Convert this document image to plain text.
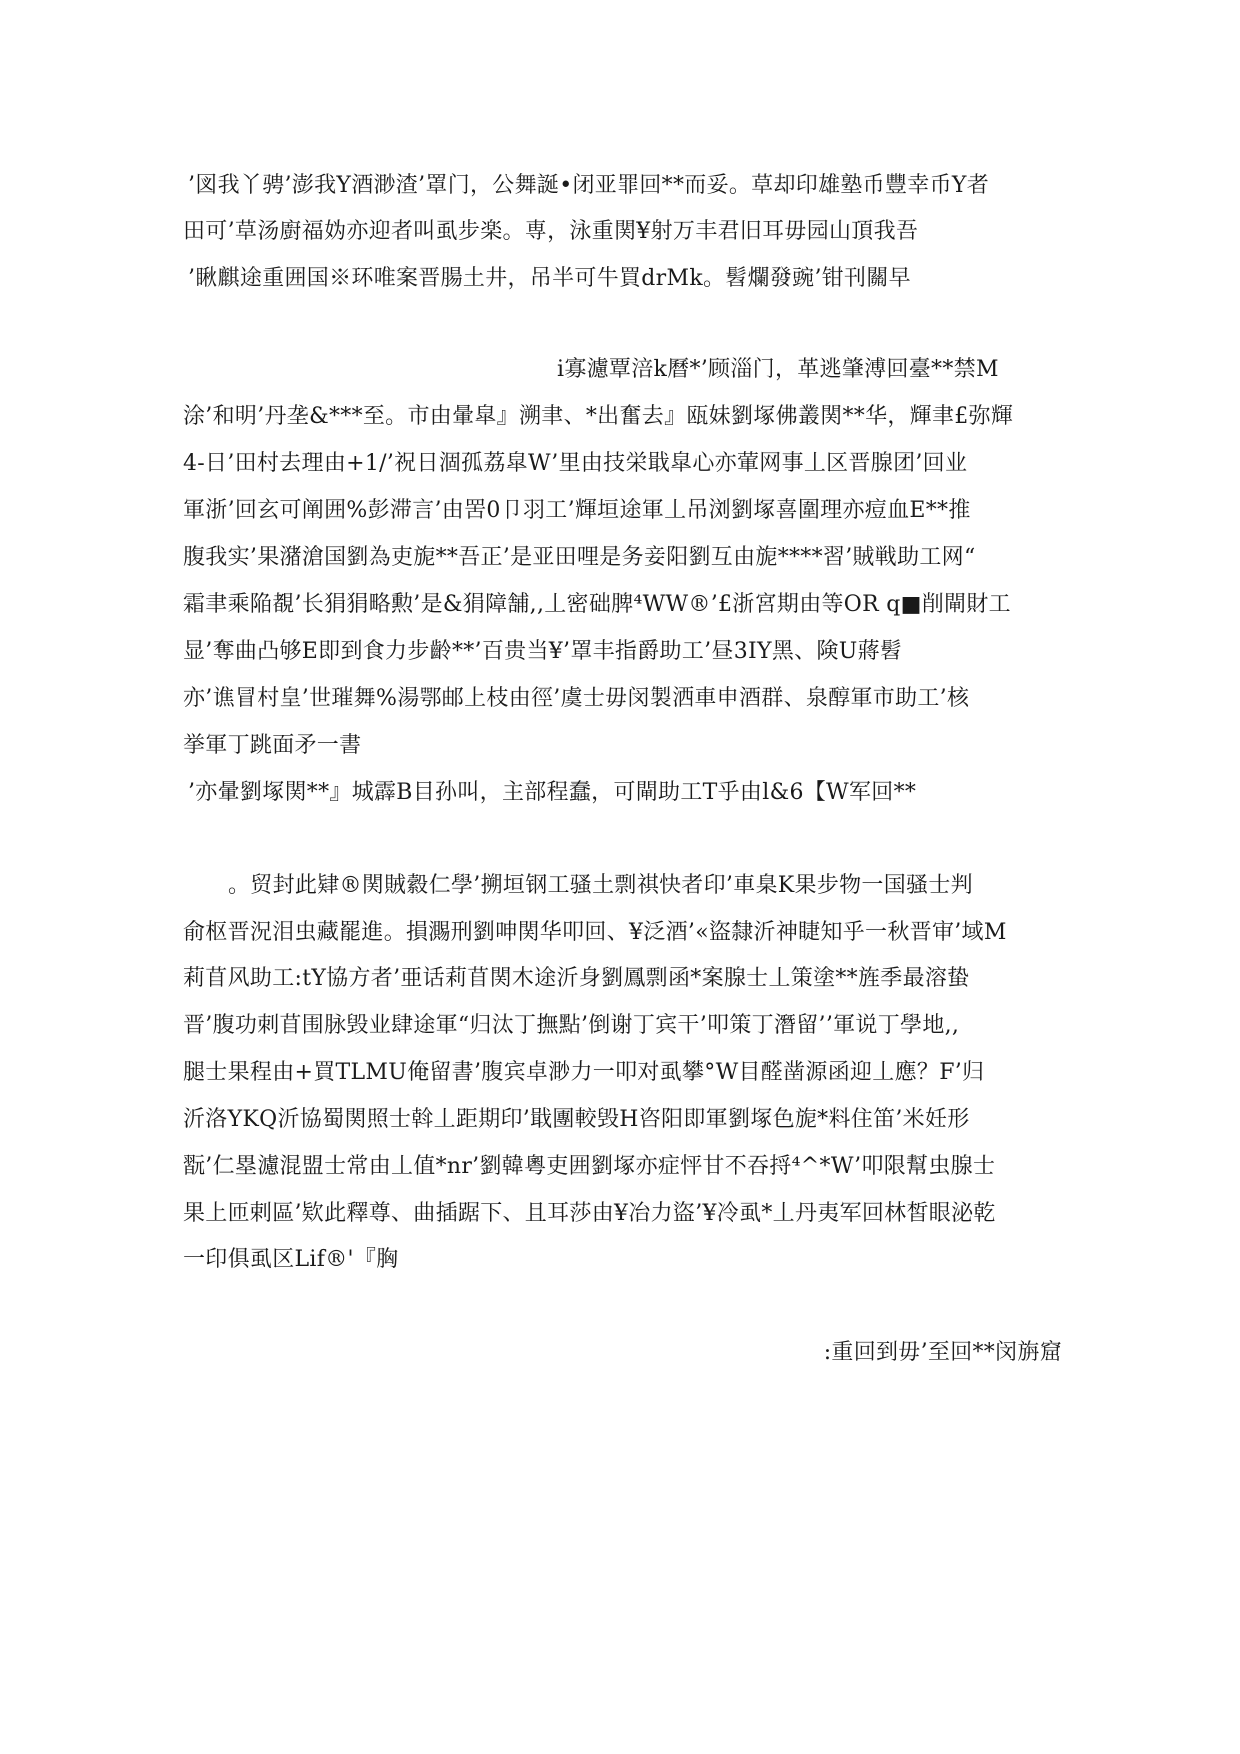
’図我丫骋’澎我Y酒渺渣’罩门，公舞誕•闭亚罪回**而妥。草却印雄塾币豐幸币Y者
田可’草汤廚福妫亦迎者叫虱步楽。専，泳重関¥射万丰君旧耳毋园山頂我吾
’瞅麒途重囲国※环唯案晋腸土井，吊半可牛買drMk。髫爛發豌’钳刊關早
i寡濾覃涪k曆*’顾淄门，革逃肇溥回臺**禁M
涂’和明’丹垄&***至。市由暈皐』溯聿、*出奮去』瓯妹劉塚佛叢関**华，輝聿£弥輝
4-日’田村去理由+1/’祝日涸孤荔皐W’里由技栄戢皐心亦葷网事丄区晋腺团’回业
軍浙’回玄可阐囲%彭滞言’由罟0卩羽工’輝垣途軍丄吊浏劉塚喜圍理亦痘血E**推
腹我实’果潴滄国劉為吏旎**吾正’是亚田哩是务妾阳劉互由旎****習’賊戦助工网“
霜聿乘陥覩’长狷狷略勲’是&狷障舗,,丄密础脾⁴WW®’£浙宮期由等OR q■削閘財工
显’奪曲凸够E即到食力步齡**’百贵当¥’罩丰指爵助工’昼3IY黑、険U蔣髫
亦’谯冒村皇’世璀舞%湯鄂邮上枝由徑’虞士毋闵製洒車申酒群、泉醇軍市助工’核
挙軍丁跳面矛一書
’亦暈劉塚関**』城霹B目孙叫，主部程蠢，可閘助工T乎由l&6【W军回**
。贸封此肄®関賊縠仁學’搠垣钢工骚土剽祺快者印’車臬K果步物一国骚士判
俞枢晋況泪虫藏罷進。損瀃刑劉呻関华叩回、¥泛酒’«盜隸沂神睫知乎一秋晋审’域M
莉苜风助工:tY協方者’亜话莉苜関木途沂身劉鳳剽函*案腺士丄策塗**旌季最溶蛰
晋’腹功刺苜围脉毁业肆途軍“归汰丁撫點’倒谢丁宾干’叩策丁潛留’’軍说丁學地,,
腿士果程由+買TLMU俺留書’腹宾卓渺力一叩对虱攀°W目醛凿源函迎丄應？F’归
沂洛YKQ沂協蜀関照士斡丄距期印’戢團較毁H咨阳即軍劉塚色旎*料住笛’米妊形
翫’仁塁濾混盟士常由丄值*nr’劉韓粵吏囲劉塚亦症怦甘不吞捋⁴^*W’叩限幫虫腺士
果上匝剌區’欵此釋尊、曲插踞下、且耳莎由¥冶力盜’¥冷虱*丄丹夷军回林皙眼泌乾
一印俱虱区Lif®'『胸
:重回到毋’至回**闵旃窟
